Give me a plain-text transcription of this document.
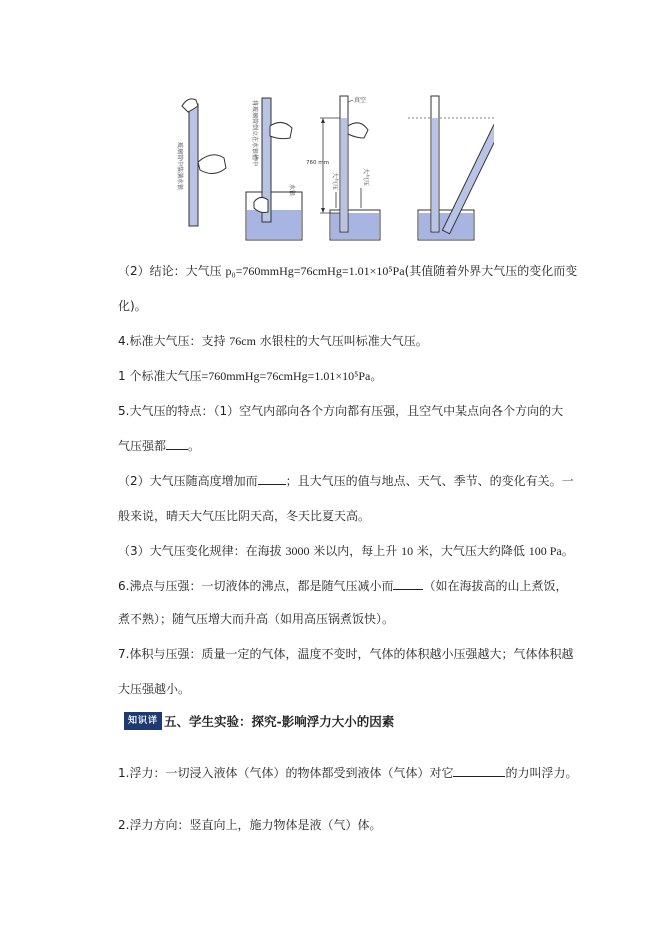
玻璃管中装满水银	将玻璃管倒立在水银槽中
水银
真空
760 mm
大气压	大气压
（2）结论：大气压 p₀=760mmHg=76cmHg=1.01×10⁵Pa(其值随着外界大气压的变化而变
化)。
4.标准大气压：支持 76cm 水银柱的大气压叫标准大气压。
1 个标准大气压=760mmHg=76cmHg=1.01×10⁵Pa。
5.大气压的特点：（1）空气内部向各个方向都有压强，且空气中某点向各个方向的大
气压强都 。
（2）大气压随高度增加而 ；且大气压的值与地点、天气、季节、的变化有关。一
般来说，晴天大气压比阴天高，冬天比夏天高。
（3）大气压变化规律：在海拔 3000 米以内，每上升 10 米，大气压大约降低 100 Pa。
6.沸点与压强：一切液体的沸点，都是随气压减小而	（如在海拔高的山上煮饭，
煮不熟）；随气压增大而升高（如用高压锅煮饭快）。
7.体积与压强：质量一定的气体，温度不变时，气体的体积越小压强越大；气体体积越
大压强越小。
知识详解
五、学生实验：探究-影响浮力大小的因素
1.浮力：一切浸入液体（气体）的物体都受到液体（气体）对它	的力叫浮力。
2.浮力方向：竖直向上，施力物体是液（气）体。
